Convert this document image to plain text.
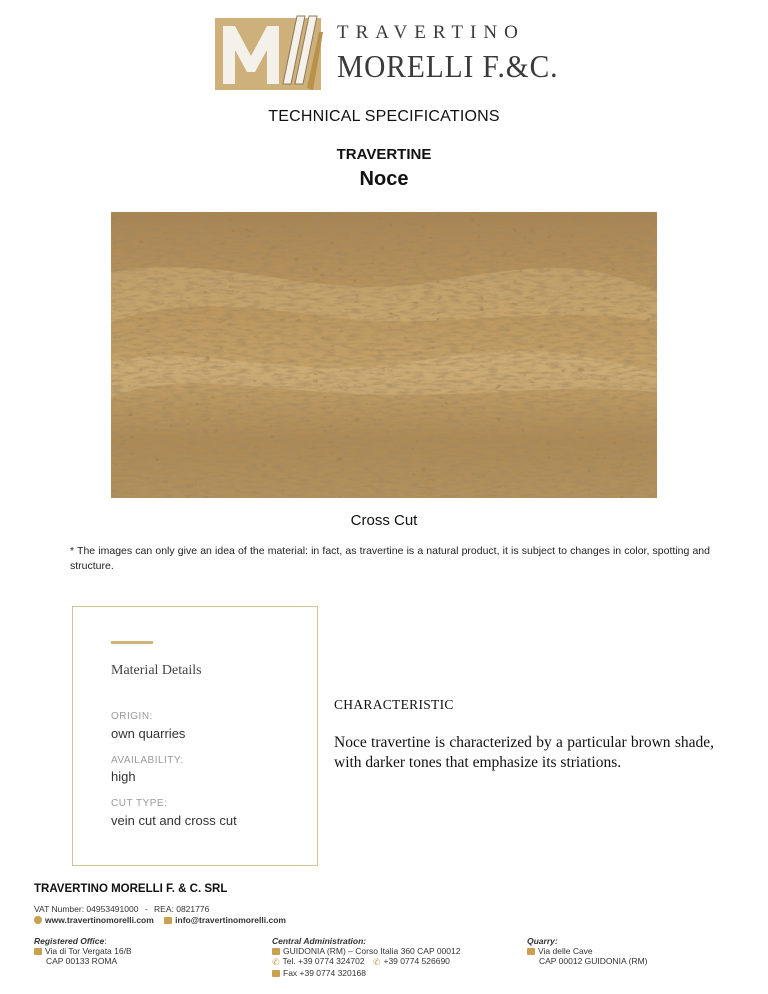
TRAVERTINO
MORELLI F.&C.
TECHNICAL SPECIFICATIONS
TRAVERTINE
Noce
Cross Cut
* The images can only give an idea of the material: in fact, as travertine is a natural product, it is subject to changes in color, spotting and structure.
Material Details
ORIGIN:
own quarries
AVAILABILITY:
high
CUT TYPE:
vein cut and cross cut
CHARACTERISTIC
Noce travertine is characterized by a particular brown shade, with darker tones that emphasize its striations.
TRAVERTINO MORELLI F. & C. SRL
VAT Number: 04953491000 - REA: 0821776
www.travertinomorelli.com	info@travertinomorelli.com
Registered Office:
Via di Tor Vergata 16/B
CAP 00133 ROMA
Central Administration:
GUIDONIA (RM) – Corso Italia 360 CAP 00012
✆ Tel. +39 0774 324702 ✆ +39 0774 526690
Fax +39 0774 320168
Quarry:
Via delle Cave
CAP 00012 GUIDONIA (RM)
